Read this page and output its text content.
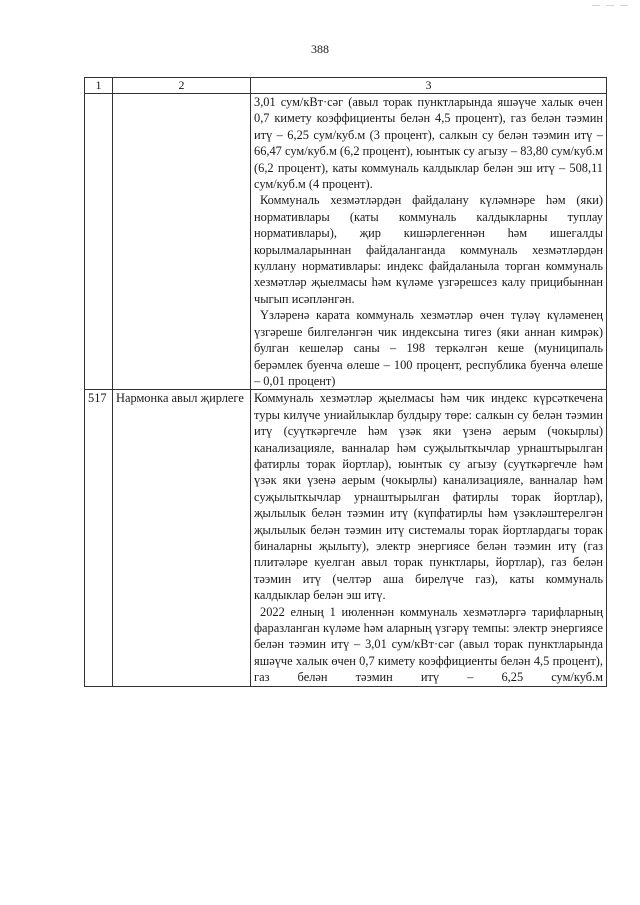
— — —
388
1	2	3

		3,01 сум/кВт·сәг (авыл торак пунктларында яшәүче халык өчен 0,7 кимету коэффициенты белән 4,5 процент), газ белән тәэмин итү – 6,25 сум/куб.м (3 процент), салкын су белән тәэмин итү – 66,47 сум/куб.м (6,2 процент), юынтык су агызу – 83,80 сум/куб.м (6,2 процент), каты коммуналь калдыклар белән эш итү – 508,11 сум/куб.м (4 процент).

Коммуналь хезмәтләрдән файдалану күләмнәре һәм (яки) нормативлары (каты коммуналь калдыкларны туплау нормативлары), җир кишәрлегеннән һәм ишегалды корылмаларыннан файдаланганда коммуналь хезмәтләрдән куллану нормативлары: индекс файдаланыла торган коммуналь хезмәтләр җыелмасы һәм күләме үзгәрешсез калу прицибыннан чыгып исәпләнгән.

Үзләренә карата коммуналь хезмәтләр өчен түләү күләменең үзгәреше билгеләнгән чик индексына тигез (яки аннан кимрәк) булган кешеләр саны – 198 теркәлгән кеше (муниципаль берәмлек буенча өлеше – 100 процент, республика буенча өлеше – 0,01 процент)

517	Нармонка авыл җирлеге	Коммуналь хезмәтләр җыелмасы һәм чик индекс күрсәткечена туры килүче униайлыклар булдыру төре: салкын су белән тәэмин итү (суүткәргечле һәм үзәк яки үзенә аерым (чокырлы) канализацияле, ванналар һәм суҗылыткычлар урнаштырылган фатирлы торак йортлар), юынтык су агызу (суүткәргечле һәм үзәк яки үзенә аерым (чокырлы) канализацияле, ванналар һәм суҗылыткычлар урнаштырылган фатирлы торак йортлар), җылылык белән тәэмин итү (күпфатирлы һәм үзәкләштерелгән җылылык белән тәэмин итү системалы торак йортлардагы торак биналарны җылыту), электр энергиясе белән тәэмин итү (газ плитәләре куелган авыл торак пунктлары, йортлар), газ белән тәэмин итү (челтәр аша бирелүче газ), каты коммуналь калдыклар белән эш итү.

2022 елның 1 июленнән коммуналь хезмәтләргә тарифларның фаразланган күләме һәм аларның үзгәрү темпы: электр энергиясе белән тәэмин итү – 3,01 сум/кВт·сәг (авыл торак пунктларында яшәүче халык өчен 0,7 кимету коэффициенты белән 4,5 процент), газ белән тәэмин итү – 6,25 сум/куб.м
